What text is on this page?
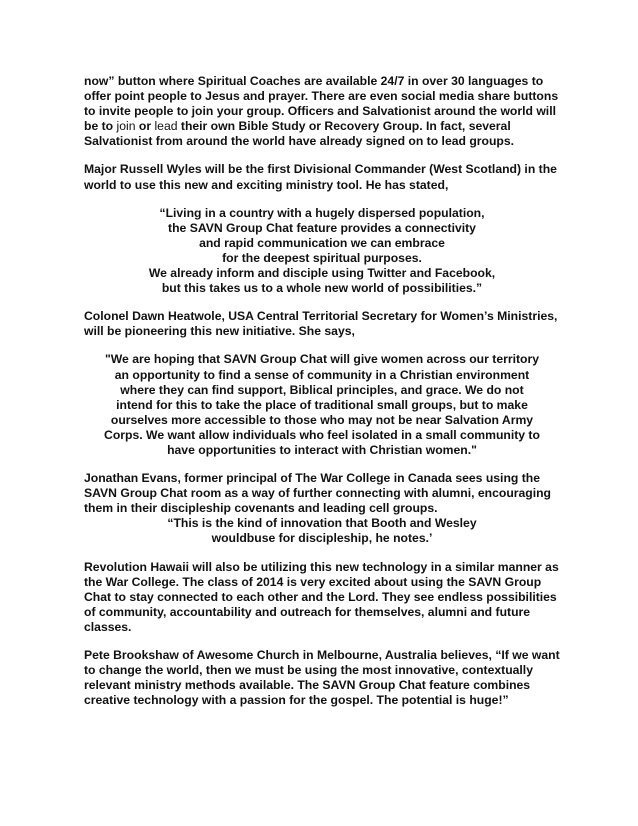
now” button where Spiritual Coaches are available 24/7 in over 30 languages to offer point people to Jesus and prayer. There are even social media share buttons to invite people to join your group. Officers and Salvationist around the world will be to join or lead their own Bible Study or Recovery Group. In fact, several Salvationist from around the world have already signed on to lead groups.

Major Russell Wyles will be the first Divisional Commander (West Scotland) in the world to use this new and exciting ministry tool. He has stated,

“Living in a country with a hugely dispersed population,
the SAVN Group Chat feature provides a connectivity
and rapid communication we can embrace
for the deepest spiritual purposes.
We already inform and disciple using Twitter and Facebook,
but this takes us to a whole new world of possibilities.”

Colonel Dawn Heatwole, USA Central Territorial Secretary for Women’s Ministries, will be pioneering this new initiative. She says,

"We are hoping that SAVN Group Chat will give women across our territory
an opportunity to find a sense of community in a Christian environment
where they can find support, Biblical principles, and grace. We do not
intend for this to take the place of traditional small groups, but to make
ourselves more accessible to those who may not be near Salvation Army
Corps. We want allow individuals who feel isolated in a small community to
have opportunities to interact with Christian women."

Jonathan Evans, former principal of The War College in Canada sees using the SAVN Group Chat room as a way of further connecting with alumni, encouraging them in their discipleship covenants and leading cell groups.

“This is the kind of innovation that Booth and Wesley
wouldbuse for discipleship, he notes.’

Revolution Hawaii will also be utilizing this new technology in a similar manner as the War College. The class of 2014 is very excited about using the SAVN Group Chat to stay connected to each other and the Lord. They see endless possibilities of community, accountability and outreach for themselves, alumni and future classes.

Pete Brookshaw of Awesome Church in Melbourne, Australia believes, “If we want to change the world, then we must be using the most innovative, contextually relevant ministry methods available. The SAVN Group Chat feature combines creative technology with a passion for the gospel. The potential is huge!”
